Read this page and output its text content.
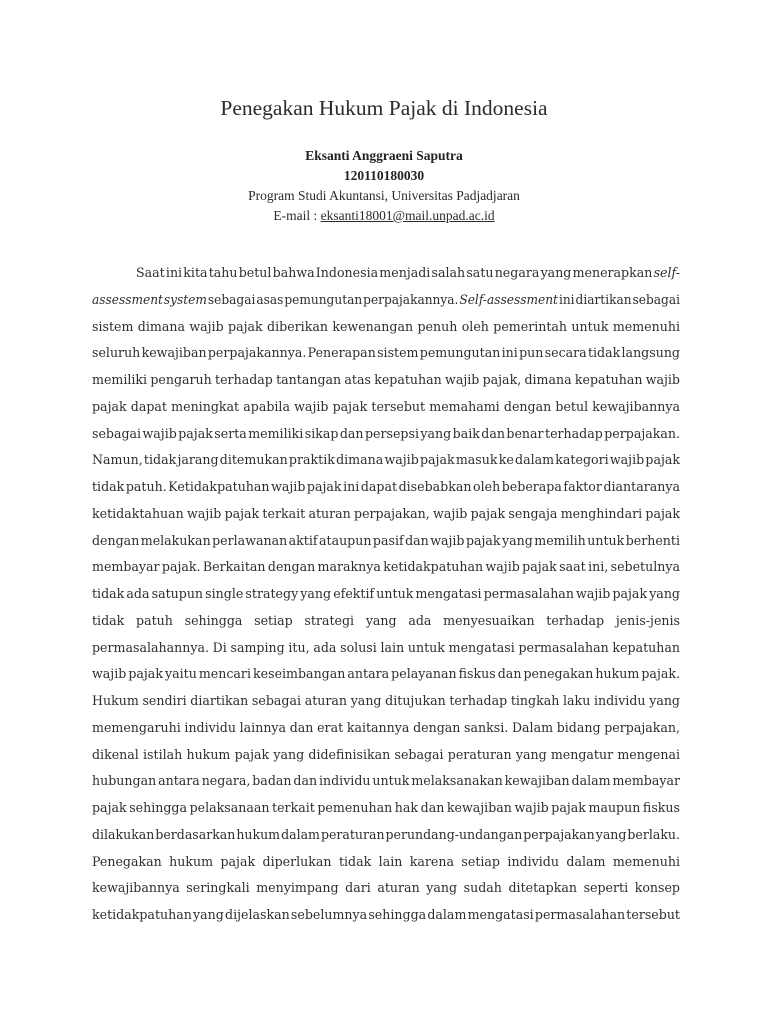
Penegakan Hukum Pajak di Indonesia
Eksanti Anggraeni Saputra
120110180030
Program Studi Akuntansi, Universitas Padjadjaran
E-mail : eksanti18001@mail.unpad.ac.id
Saat ini kita tahu betul bahwa Indonesia menjadi salah satu negara yang menerapkan self-
assessment system sebagai asas pemungutan perpajakannya. Self-assessment ini diartikan sebagai
sistem dimana wajib pajak diberikan kewenangan penuh oleh pemerintah untuk memenuhi
seluruh kewajiban perpajakannya. Penerapan sistem pemungutan ini pun secara tidak langsung
memiliki pengaruh terhadap tantangan atas kepatuhan wajib pajak, dimana kepatuhan wajib
pajak dapat meningkat apabila wajib pajak tersebut memahami dengan betul kewajibannya
sebagai wajib pajak serta memiliki sikap dan persepsi yang baik dan benar terhadap perpajakan.
Namun, tidak jarang ditemukan praktik dimana wajib pajak masuk ke dalam kategori wajib pajak
tidak patuh. Ketidakpatuhan wajib pajak ini dapat disebabkan oleh beberapa faktor diantaranya
ketidaktahuan wajib pajak terkait aturan perpajakan, wajib pajak sengaja menghindari pajak
dengan melakukan perlawanan aktif ataupun pasif dan wajib pajak yang memilih untuk berhenti
membayar pajak. Berkaitan dengan maraknya ketidakpatuhan wajib pajak saat ini, sebetulnya
tidak ada satupun single strategy yang efektif untuk mengatasi permasalahan wajib pajak yang
tidak patuh sehingga setiap strategi yang ada menyesuaikan terhadap jenis-jenis
permasalahannya. Di samping itu, ada solusi lain untuk mengatasi permasalahan kepatuhan
wajib pajak yaitu mencari keseimbangan antara pelayanan fiskus dan penegakan hukum pajak.
Hukum sendiri diartikan sebagai aturan yang ditujukan terhadap tingkah laku individu yang
memengaruhi individu lainnya dan erat kaitannya dengan sanksi. Dalam bidang perpajakan,
dikenal istilah hukum pajak yang didefinisikan sebagai peraturan yang mengatur mengenai
hubungan antara negara, badan dan individu untuk melaksanakan kewajiban dalam membayar
pajak sehingga pelaksanaan terkait pemenuhan hak dan kewajiban wajib pajak maupun fiskus
dilakukan berdasarkan hukum dalam peraturan perundang-undangan perpajakan yang berlaku.
Penegakan hukum pajak diperlukan tidak lain karena setiap individu dalam memenuhi
kewajibannya seringkali menyimpang dari aturan yang sudah ditetapkan seperti konsep
ketidakpatuhan yang dijelaskan sebelumnya sehingga dalam mengatasi permasalahan tersebut
